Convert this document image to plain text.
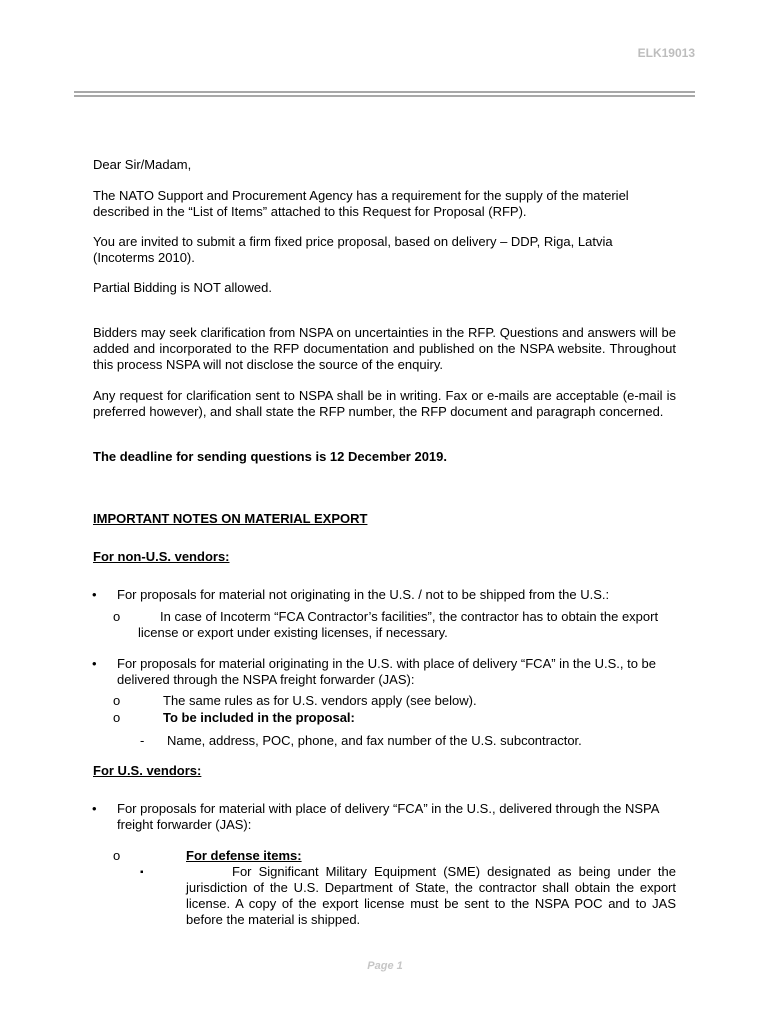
ELK19013

Dear Sir/Madam,

The NATO Support and Procurement Agency has a requirement for the supply of the materiel described in the “List of Items” attached to this Request for Proposal (RFP).

You are invited to submit a firm fixed price proposal, based on delivery – DDP, Riga, Latvia (Incoterms 2010).

Partial Bidding is NOT allowed.

Bidders may seek clarification from NSPA on uncertainties in the RFP. Questions and answers will be added and incorporated to the RFP documentation and published on the NSPA website. Throughout this process NSPA will not disclose the source of the enquiry.

Any request for clarification sent to NSPA shall be in writing. Fax or e-mails are acceptable (e-mail is preferred however), and shall state the RFP number, the RFP document and paragraph concerned.

The deadline for sending questions is 12 December 2019.

IMPORTANT NOTES ON MATERIAL EXPORT

For non-U.S. vendors:

• For proposals for material not originating in the U.S. / not to be shipped from the U.S.:

o	In case of Incoterm “FCA Contractor’s facilities”, the contractor has to obtain the export license or export under existing licenses, if necessary.

• For proposals for material originating in the U.S. with place of delivery “FCA” in the U.S., to be delivered through the NSPA freight forwarder (JAS):

o	The same rules as for U.S. vendors apply (see below).

o	To be included in the proposal:

- Name, address, POC, phone, and fax number of the U.S. subcontractor.

For U.S. vendors:

• For proposals for material with place of delivery “FCA” in the U.S., delivered through the NSPA freight forwarder (JAS):

o	For defense items:

▪	For Significant Military Equipment (SME) designated as being under the jurisdiction of the U.S. Department of State, the contractor shall obtain the export license. A copy of the export license must be sent to the NSPA POC and to JAS before the material is shipped.

Page 1
